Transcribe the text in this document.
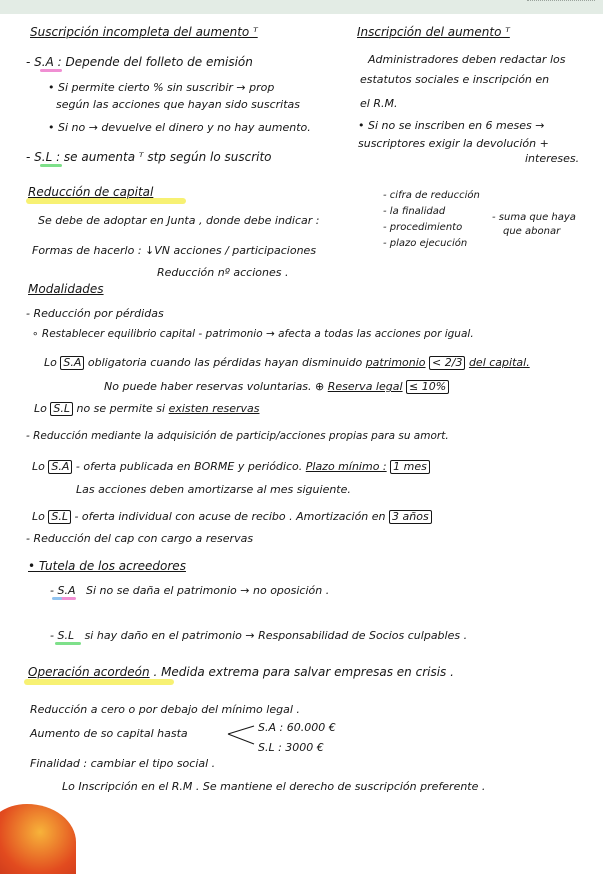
Suscripción incompleta del aumento ᵀ
- S.A : Depende del folleto de emisión
• Si permite cierto % sin suscribir → prop
según las acciones que hayan sido suscritas
• Si no → devuelve el dinero y no hay aumento.
- S.L : se aumenta ᵀ stp según lo suscrito
Inscripción del aumento ᵀ
Administradores deben redactar los
estatutos sociales e inscripción en
el R.M.
• Si no se inscriben en 6 meses →
suscriptores exigir la devolución +
intereses.
Reducción de capital
Se debe de adoptar en Junta , donde debe indicar :
- cifra de reducción
- la finalidad
- procedimiento
- plazo ejecución
- suma que haya
que abonar
Formas de hacerlo : ↓VN acciones / participaciones
Reducción nº acciones .
Modalidades
- Reducción por pérdidas
∘ Restablecer equilibrio capital - patrimonio → afecta a todas las acciones por igual.
Lo S.A obligatoria cuando las pérdidas hayan disminuido patrimonio < 2/3 del capital.
No puede haber reservas voluntarias. ⊕ Reserva legal ≤ 10%
Lo S.L no se permite si existen reservas
- Reducción mediante la adquisición de particip/acciones propias para su amort.
Lo S.A - oferta publicada en BORME y periódico. Plazo mínimo : 1 mes
Las acciones deben amortizarse al mes siguiente.
Lo S.L - oferta individual con acuse de recibo . Amortización en 3 años
- Reducción del cap con cargo a reservas
• Tutela de los acreedores
- S.A Si no se daña el patrimonio → no oposición .
- S.L si hay daño en el patrimonio → Responsabilidad de Socios culpables .
Operación acordeón . Medida extrema para salvar empresas en crisis .
Reducción a cero o por debajo del mínimo legal .
Aumento de so capital hasta	S.A : 60.000 €
S.L : 3000 €
Finalidad : cambiar el tipo social .
Lo Inscripción en el R.M . Se mantiene el derecho de suscripción preferente .
